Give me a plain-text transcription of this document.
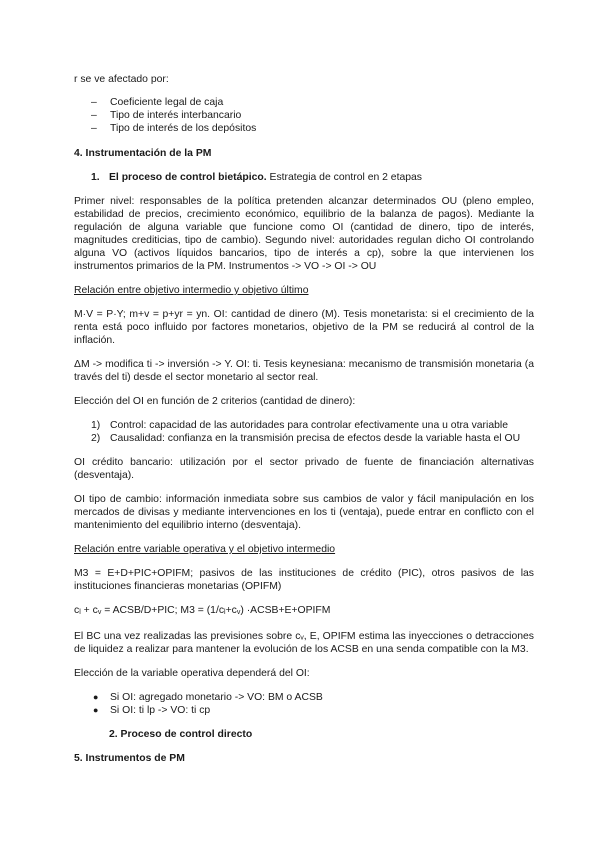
r se ve afectado por:

– Coeficiente legal de caja
– Tipo de interés interbancario
– Tipo de interés de los depósitos
4. Instrumentación de la PM

1. El proceso de control bietápico. Estrategia de control en 2 etapas

Primer nivel: responsables de la política pretenden alcanzar determinados OU (pleno empleo, estabilidad de precios, crecimiento económico, equilibrio de la balanza de pagos). Mediante la regulación de alguna variable que funcione como OI (cantidad de dinero, tipo de interés, magnitudes crediticias, tipo de cambio). Segundo nivel: autoridades regulan dicho OI controlando alguna VO (activos líquidos bancarios, tipo de interés a cp), sobre la que intervienen los instrumentos primarios de la PM. Instrumentos -> VO -> OI -> OU

Relación entre objetivo intermedio y objetivo último

M·V = P·Y; m+v = p+yr = yn. OI: cantidad de dinero (M). Tesis monetarista: si el crecimiento de la renta está poco influido por factores monetarios, objetivo de la PM se reducirá al control de la inflación.

ΔM -> modifica ti -> inversión -> Y. OI: ti. Tesis keynesiana: mecanismo de transmisión monetaria (a través del ti) desde el sector monetario al sector real.

Elección del OI en función de 2 criterios (cantidad de dinero):

1) Control: capacidad de las autoridades para controlar efectivamente una u otra variable
2) Causalidad: confianza en la transmisión precisa de efectos desde la variable hasta el OU

OI crédito bancario: utilización por el sector privado de fuente de financiación alternativas (desventaja).

OI tipo de cambio: información inmediata sobre sus cambios de valor y fácil manipulación en los mercados de divisas y mediante intervenciones en los ti (ventaja), puede entrar en conflicto con el mantenimiento del equilibrio interno (desventaja).

Relación entre variable operativa y el objetivo intermedio

M3 = E+D+PIC+OPIFM; pasivos de las instituciones de crédito (PIC), otros pasivos de las instituciones financieras monetarias (OPIFM)

cl + cv = ACSB/D+PIC; M3 = (1/cl+cv) ·ACSB+E+OPIFM

El BC una vez realizadas las previsiones sobre cᵥ, E, OPIFM estima las inyecciones o detracciones de liquidez a realizar para mantener la evolución de los ACSB en una senda compatible con la M3.

Elección de la variable operativa dependerá del OI:

● Si OI: agregado monetario -> VO: BM o ACSB
● Si OI: ti lp -> VO: ti cp

2. Proceso de control directo

5. Instrumentos de PM
